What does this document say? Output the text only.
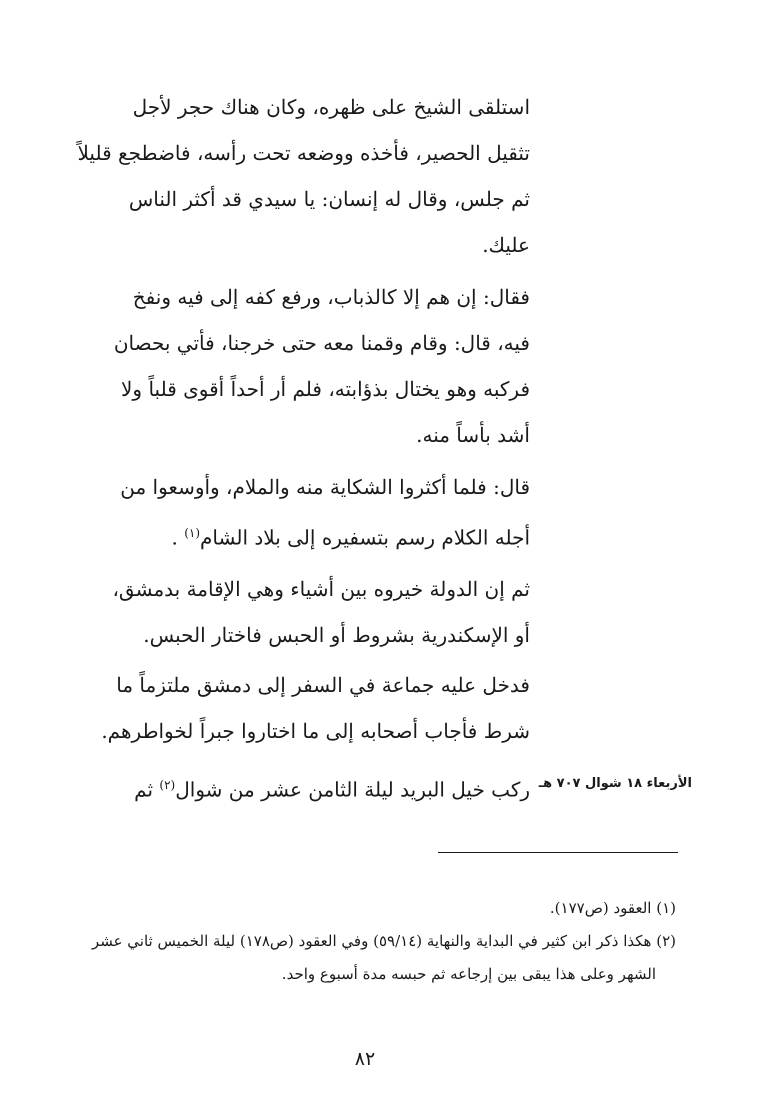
استلقى الشيخ على ظهره، وكان هناك حجر لأجل
تثقيل الحصير، فأخذه ووضعه تحت رأسه، فاضطجع قليلاً
ثم جلس، وقال له إنسان: يا سيدي قد أكثر الناس
عليك.
فقال: إن هم إلا كالذباب، ورفع كفه إلى فيه ونفخ
فيه، قال: وقام وقمنا معه حتى خرجنا، فأتي بحصان
فركبه وهو يختال بذؤابته، فلم أر أحداً أقوى قلباً ولا
أشد بأساً منه.
قال: فلما أكثروا الشكاية منه والملام، وأوسعوا من
أجله الكلام رسم بتسفيره إلى بلاد الشام$^{(١)}$ .
ثم إن الدولة خيروه بين أشياء وهي الإقامة بدمشق،
أو الإسكندرية بشروط أو الحبس فاختار الحبس.
فدخل عليه جماعة في السفر إلى دمشق ملتزماً ما
شرط فأجاب أصحابه إلى ما اختاروا جبراً لخواطرهم.
ركب خيل البريد ليلة الثامن عشر من شوال$^{(٢)}$ ثم	الأربعاء ١٨ شوال ٧٠٧ هـ
(١) العقود (ص١٧٧).
(٢) هكذا ذكر ابن كثير في البداية والنهاية (٥٩/١٤) وفي العقود (ص١٧٨) ليلة الخميس ثاني عشر
الشهر وعلى هذا يبقى بين إرجاعه ثم حبسه مدة أسبوع واحد.
٨٢
